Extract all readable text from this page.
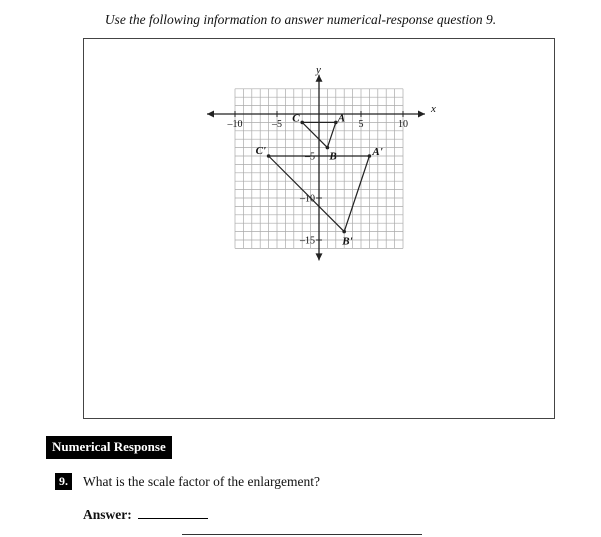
Use the following information to answer numerical-response question 9.
x
y
–10	–5	5	10
–5
–10
–15
A
B
C
A'
B'
C'
Numerical Response
9. What is the scale factor of the enlargement?
Answer:
